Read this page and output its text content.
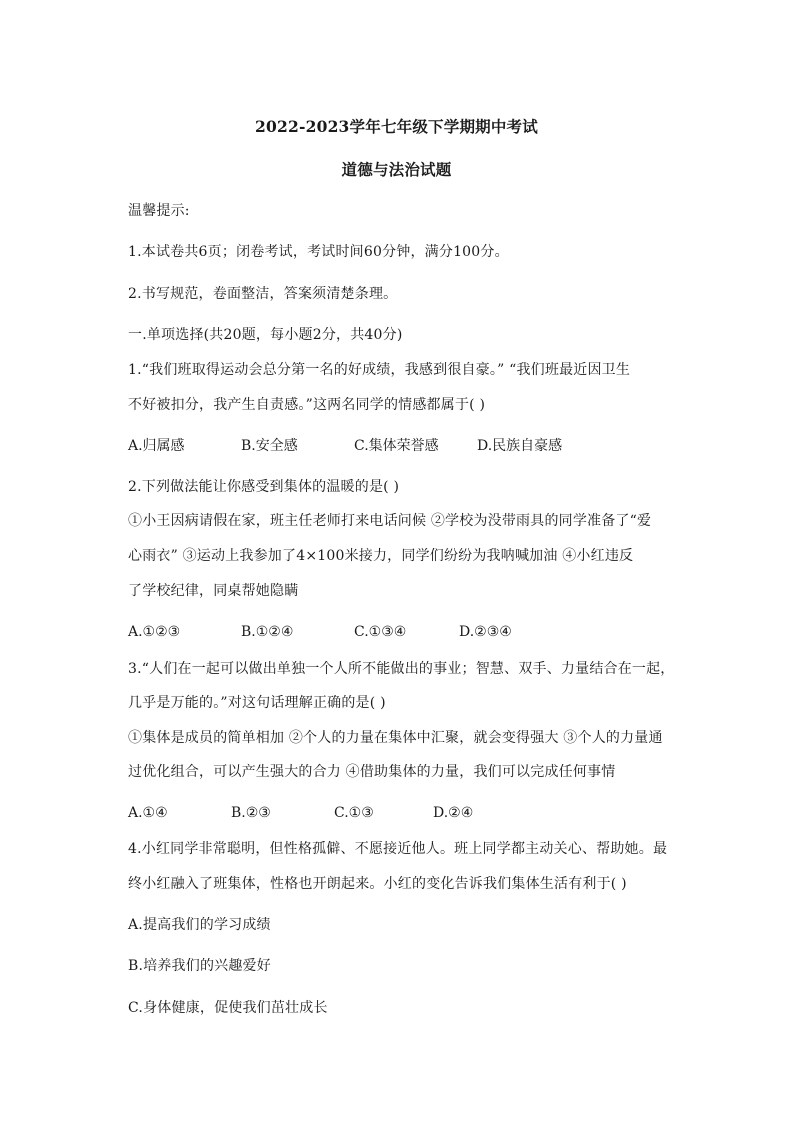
2022-2023学年七年级下学期期中考试
道德与法治试题
温馨提示:
1.本试卷共6页；闭卷考试，考试时间60分钟，满分100分。
2.书写规范，卷面整洁，答案须清楚条理。
一.单项选择(共20题，每小题2分，共40分)
1.“我们班取得运动会总分第一名的好成绩，我感到很自豪。” “我们班最近因卫生
不好被扣分，我产生自责感。”这两名同学的情感都属于( )
A.归属感	B.安全感	C.集体荣誉感	D.民族自豪感
2.下列做法能让你感受到集体的温暖的是( )
①小王因病请假在家，班主任老师打来电话问候 ②学校为没带雨具的同学准备了“爱
心雨衣” ③运动上我参加了4×100米接力，同学们纷纷为我呐喊加油 ④小红违反
了学校纪律，同桌帮她隐瞒
A.①②③	B.①②④	C.①③④	D.②③④
3.“人们在一起可以做出单独一个人所不能做出的事业；智慧、双手、力量结合在一起，
几乎是万能的。”对这句话理解正确的是( )
①集体是成员的简单相加 ②个人的力量在集体中汇聚，就会变得强大 ③个人的力量通
过优化组合，可以产生强大的合力 ④借助集体的力量，我们可以完成任何事情
A.①④	B.②③	C.①③	D.②④
4.小红同学非常聪明，但性格孤僻、不愿接近他人。班上同学都主动关心、帮助她。最
终小红融入了班集体，性格也开朗起来。小红的变化告诉我们集体生活有利于( )
A.提高我们的学习成绩
B.培养我们的兴趣爱好
C.身体健康，促使我们茁壮成长
